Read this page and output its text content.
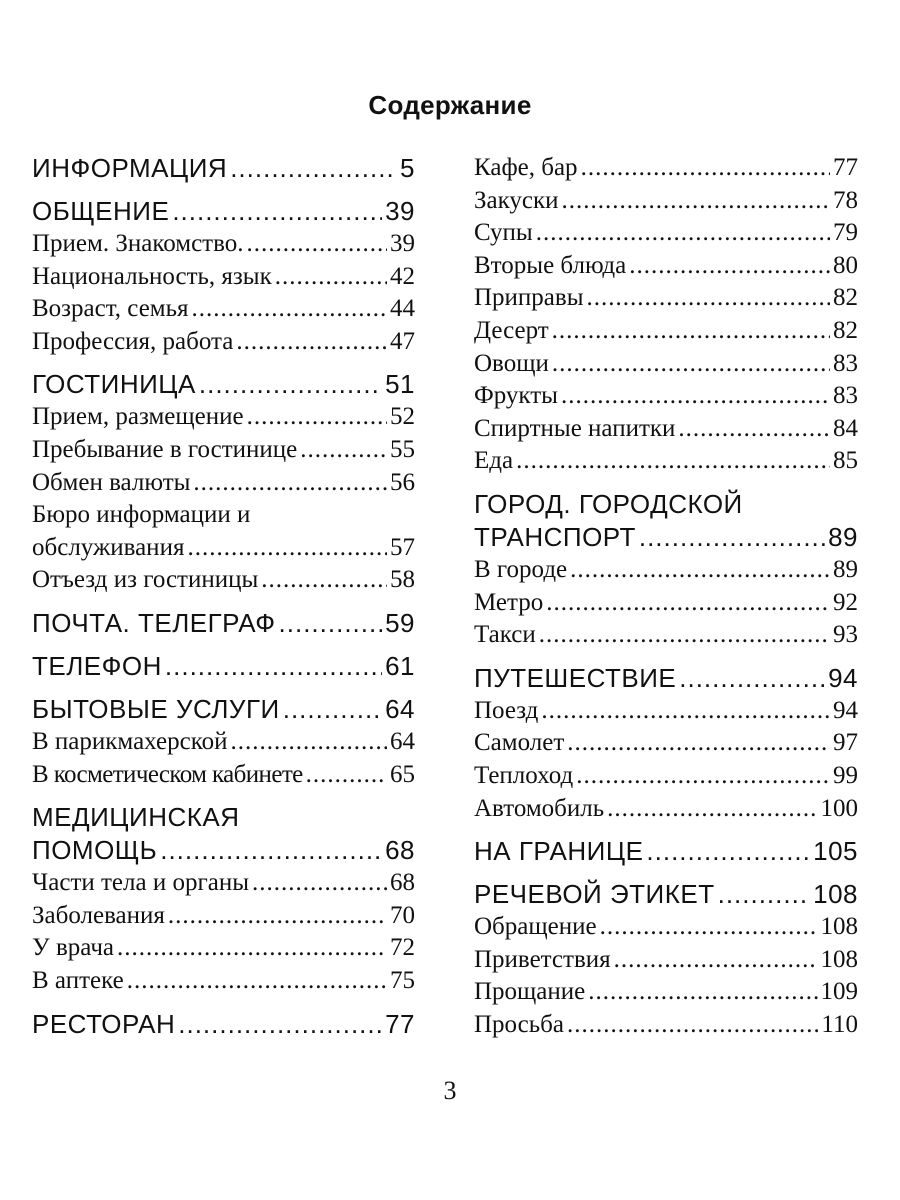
Содержание
ИНФОРМАЦИЯ .....	5
ОБЩЕНИЕ .....	39
Прием. Знакомство. .....	39
Национальность, язык .....	42
Возраст, семья .....	44
Профессия, работа .....	47
ГОСТИНИЦА .....	51
Прием, размещение .....	52
Пребывание в гостинице .....	55
Обмен валюты .....	56
Бюро информации и
обслуживания .....	57
Отъезд из гостиницы .....	58
ПОЧТА. ТЕЛЕГРАФ .....	59
ТЕЛЕФОН .....	61
БЫТОВЫЕ УСЛУГИ .....	64
В парикмахерской .....	64
В косметическом кабинете .....	65
МЕДИЦИНСКАЯ
ПОМОЩЬ .....	68
Части тела и органы .....	68
Заболевания .....	70
У врача .....	72
В аптеке .....	75
РЕСТОРАН .....	77
Кафе, бар .....	77
Закуски .....	78
Супы .....	79
Вторые блюда .....	80
Приправы .....	82
Десерт .....	82
Овощи .....	83
Фрукты .....	83
Спиртные напитки .....	84
Еда .....	85
ГОРОД. ГОРОДСКОЙ
ТРАНСПОРТ .....	89
В городе .....	89
Метро .....	92
Такси .....	93
ПУТЕШЕСТВИЕ .....	94
Поезд .....	94
Самолет .....	97
Теплоход .....	99
Автомобиль .....	100
НА ГРАНИЦЕ .....	105
РЕЧЕВОЙ ЭТИКЕТ .....	108
Обращение .....	108
Приветствия .....	108
Прощание .....	109
Просьба .....	110
3
